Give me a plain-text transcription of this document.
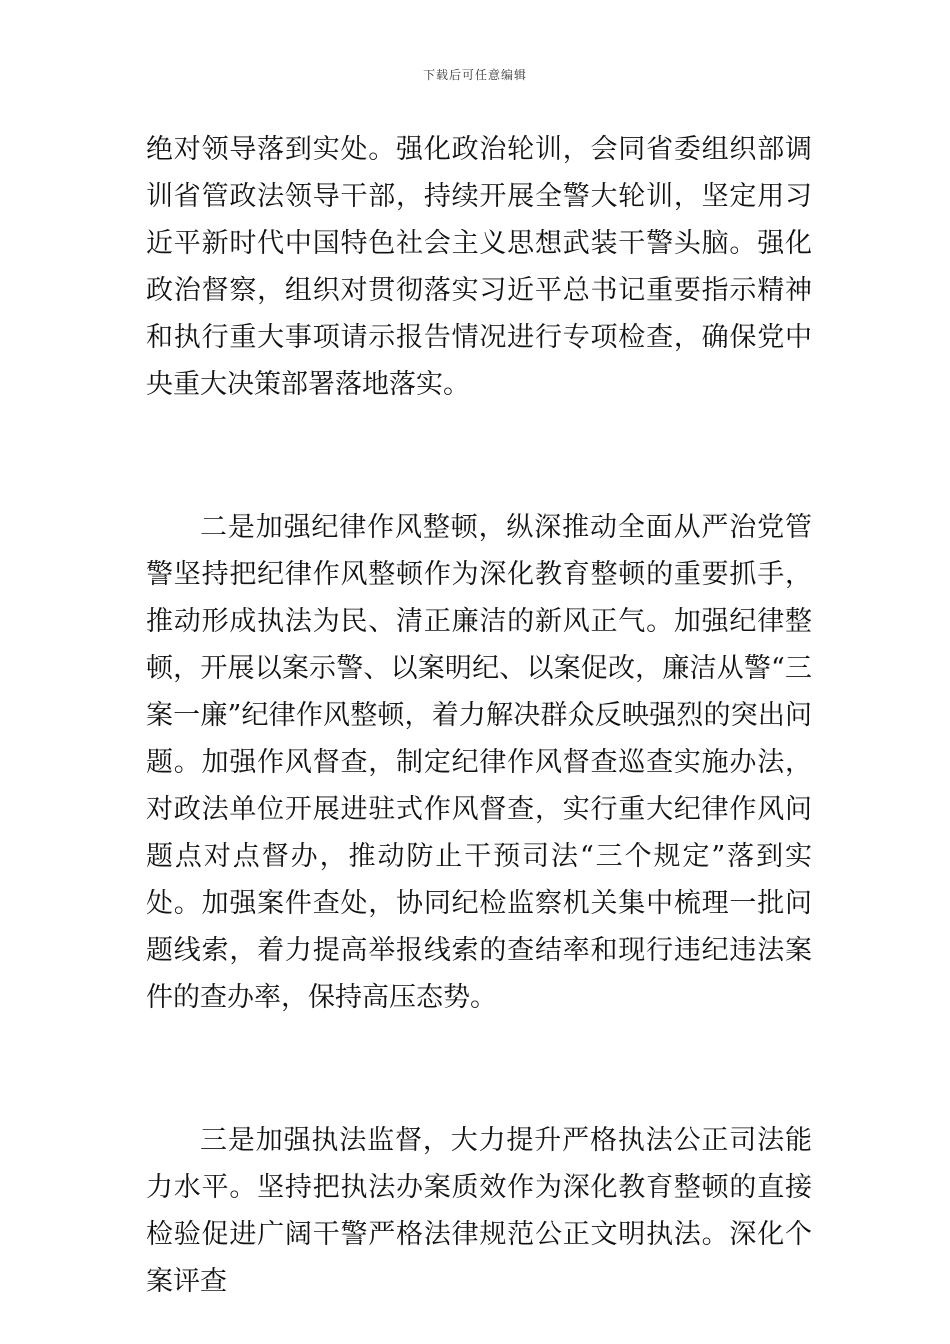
下载后可任意编辑

绝对领导落到实处。强化政治轮训，会同省委组织部调训省管政法领导干部，持续开展全警大轮训，坚定用习近平新时代中国特色社会主义思想武装干警头脑。强化政治督察，组织对贯彻落实习近平总书记重要指示精神和执行重大事项请示报告情况进行专项检查，确保党中央重大决策部署落地落实。

二是加强纪律作风整顿，纵深推动全面从严治党管警坚持把纪律作风整顿作为深化教育整顿的重要抓手，推动形成执法为民、清正廉洁的新风正气。加强纪律整顿，开展以案示警、以案明纪、以案促改，廉洁从警“三案一廉”纪律作风整顿，着力解决群众反映强烈的突出问题。加强作风督查，制定纪律作风督查巡查实施办法，对政法单位开展进驻式作风督查，实行重大纪律作风问题点对点督办，推动防止干预司法“三个规定”落到实处。加强案件查处，协同纪检监察机关集中梳理一批问题线索，着力提高举报线索的查结率和现行违纪违法案件的查办率，保持高压态势。

三是加强执法监督，大力提升严格执法公正司法能力水平。坚持把执法办案质效作为深化教育整顿的直接检验促进广阔干警严格法律规范公正文明执法。深化个案评查
